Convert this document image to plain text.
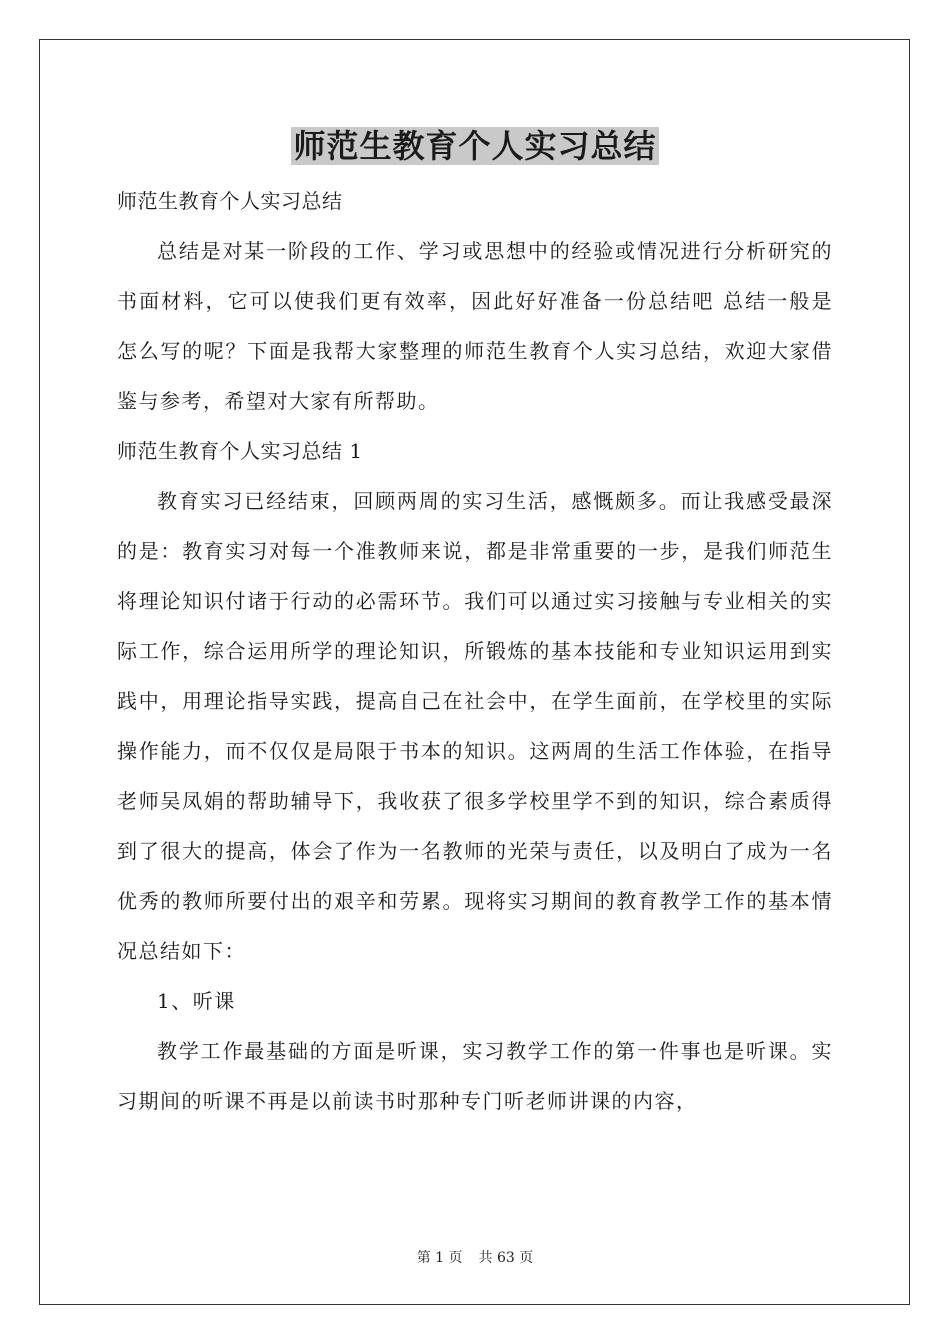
师范生教育个人实习总结

师范生教育个人实习总结

总结是对某一阶段的工作、学习或思想中的经验或情况进行分析研究的书面材料，它可以使我们更有效率，因此好好准备一份总结吧 总结一般是怎么写的呢？下面是我帮大家整理的师范生教育个人实习总结，欢迎大家借鉴与参考，希望对大家有所帮助。

师范生教育个人实习总结 1

教育实习已经结束，回顾两周的实习生活，感慨颇多。而让我感受最深的是：教育实习对每一个准教师来说，都是非常重要的一步，是我们师范生将理论知识付诸于行动的必需环节。我们可以通过实习接触与专业相关的实际工作，综合运用所学的理论知识，所锻炼的基本技能和专业知识运用到实践中，用理论指导实践，提高自己在社会中，在学生面前，在学校里的实际操作能力，而不仅仅是局限于书本的知识。这两周的生活工作体验，在指导老师吴凤娟的帮助辅导下，我收获了很多学校里学不到的知识，综合素质得到了很大的提高，体会了作为一名教师的光荣与责任，以及明白了成为一名优秀的教师所要付出的艰辛和劳累。现将实习期间的教育教学工作的基本情 况总结如下：

1、听课

教学工作最基础的方面是听课，实习教学工作的第一件事也是听课。实习期间的听课不再是以前读书时那种专门听老师讲课的内容，

第 1 页 共 63 页
